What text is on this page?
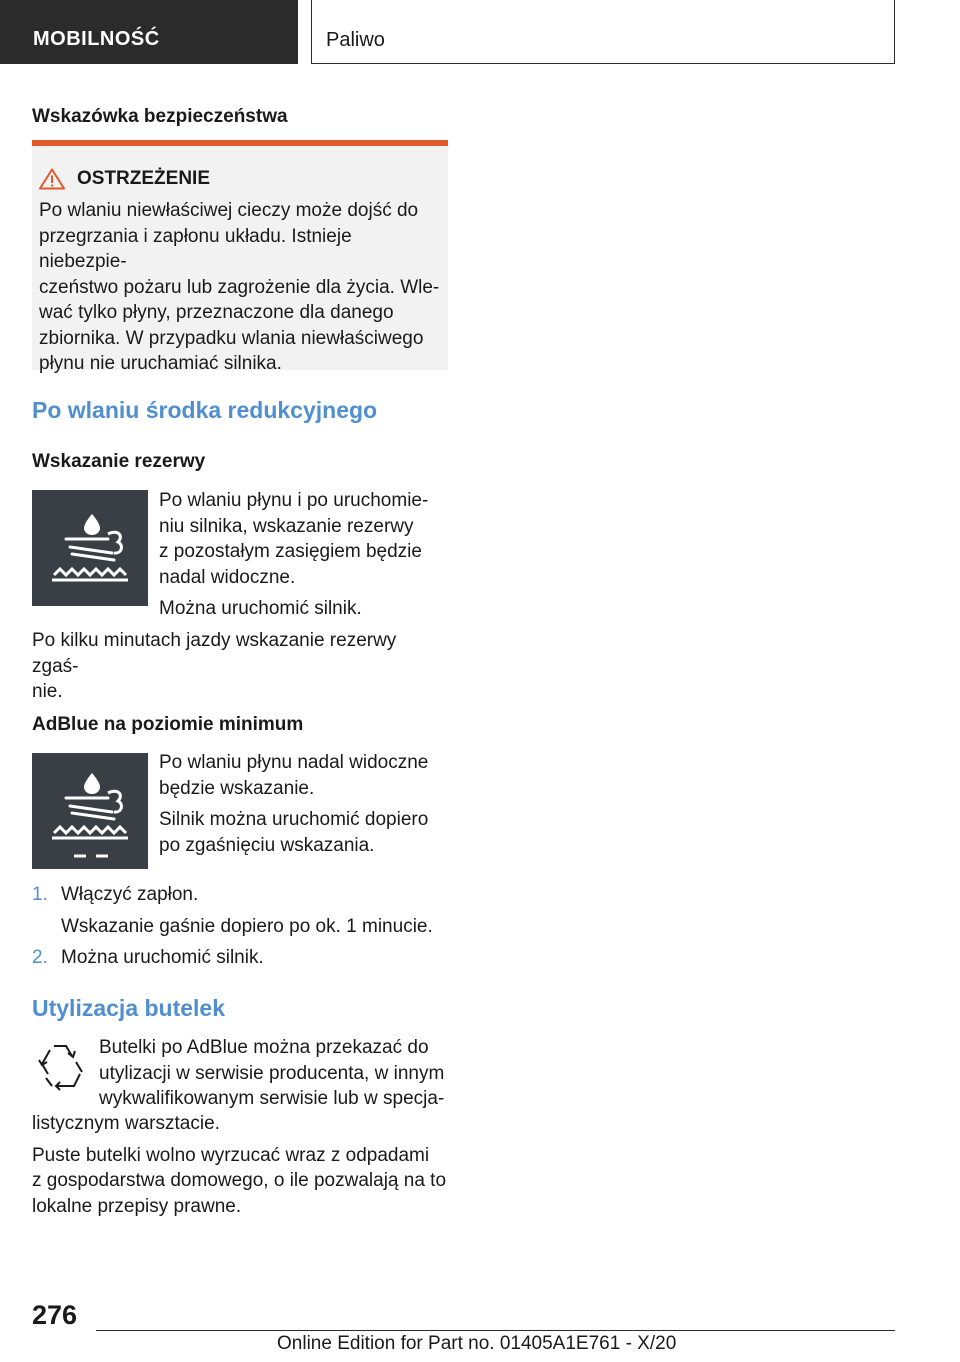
MOBILNOŚĆ	Paliwo
Wskazówka bezpieczeństwa
OSTRZEŻENIE

Po wlaniu niewłaściwej cieczy może dojść do

przegrzania i zapłonu układu. Istnieje niebezpie-

czeństwo pożaru lub zagrożenie dla życia. Wle-

wać tylko płyny, przeznaczone dla danego

zbiornika. W przypadku wlania niewłaściwego

płynu nie uruchamiać silnika.

Po wlaniu środka redukcyjnego
Wskazanie rezerwy

Po wlaniu płynu i po uruchomie-

niu silnika, wskazanie rezerwy

z pozostałym zasięgiem będzie

nadal widoczne.

Można uruchomić silnik.

Po kilku minutach jazdy wskazanie rezerwy zgaś-

nie.

AdBlue na poziomie minimum

Po wlaniu płynu nadal widoczne

będzie wskazanie.

Silnik można uruchomić dopiero

po zgaśnięciu wskazania.

1. Włączyć zapłon.

Wskazanie gaśnie dopiero po ok. 1 minucie.

2. Można uruchomić silnik.

Utylizacja butelek

Butelki po AdBlue można przekazać do

utylizacji w serwisie producenta, w innym

wykwalifikowanym serwisie lub w specja-

listycznym warsztacie.

Puste butelki wolno wyrzucać wraz z odpadami

z gospodarstwa domowego, o ile pozwalają na to

lokalne przepisy prawne.

276
Online Edition for Part no. 01405A1E761 - X/20
